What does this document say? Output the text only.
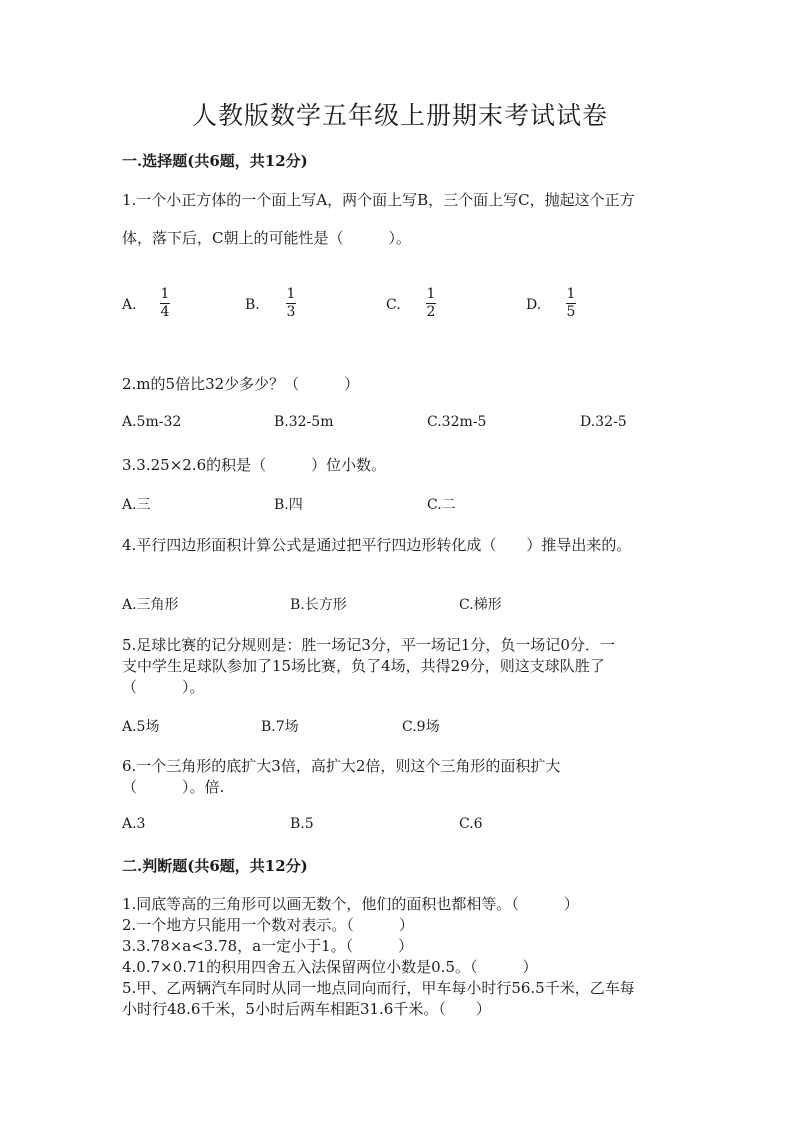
人教版数学五年级上册期末考试试卷
一.选择题(共6题，共12分)
1.一个小正方体的一个面上写A，两个面上写B，三个面上写C，抛起这个正方
体，落下后，C朝上的可能性是（　　　）。
A.
1
4	B.
1
3	C.
1
2	D.
1
5
2.m的5倍比32少多少？（　　　）
A.5m-32	B.32-5m	C.32m-5	D.32-5
3.3.25×2.6的积是（　　　）位小数。
A.三	B.四	C.二
4.平行四边形面积计算公式是通过把平行四边形转化成（　　）推导出来的。
A.三角形	B.长方形	C.梯形
5.足球比赛的记分规则是：胜一场记3分，平一场记1分，负一场记0分．一
支中学生足球队参加了15场比赛，负了4场，共得29分，则这支球队胜了
（　　　）。
A.5场	B.7场	C.9场
6.一个三角形的底扩大3倍，高扩大2倍，则这个三角形的面积扩大
（　　　）。倍.
A.3	B.5	C.6
二.判断题(共6题，共12分)
1.同底等高的三角形可以画无数个，他们的面积也都相等。（　　　）
2.一个地方只能用一个数对表示。（　　　）
3.3.78×a<3.78，a一定小于1。（　　　）
4.0.7×0.71的积用四舍五入法保留两位小数是0.5。（　　　）
5.甲、乙两辆汽车同时从同一地点同向而行，甲车每小时行56.5千米，乙车每
小时行48.6千米，5小时后两车相距31.6千米。（　　）
